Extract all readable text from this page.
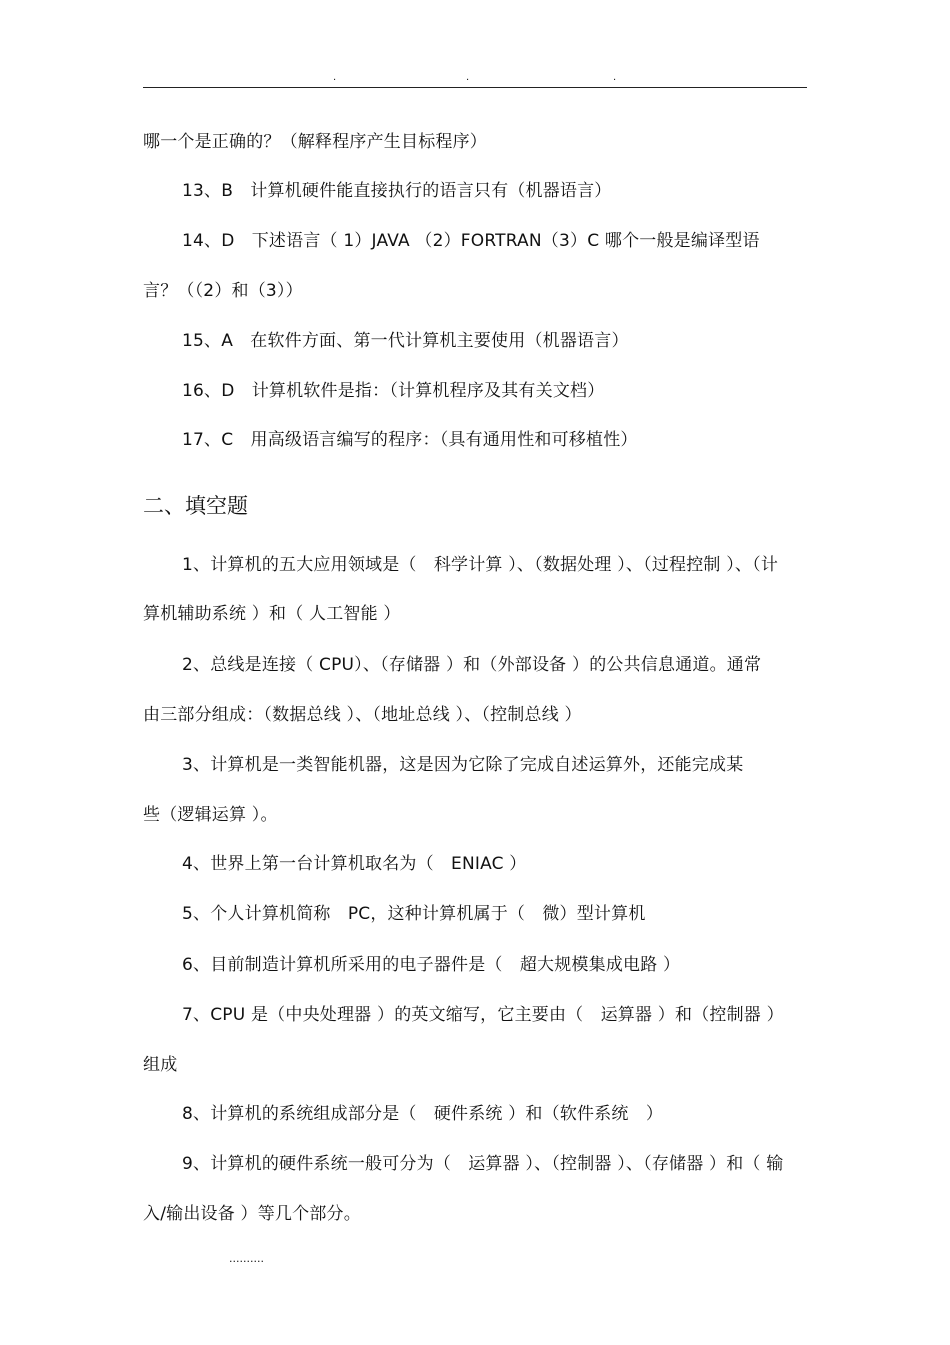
.	.	.
哪一个是正确的？（解释程序产生目标程序）
13、B　计算机硬件能直接执行的语言只有（机器语言）
14、D　下述语言（ 1）JAVA （2）FORTRAN（3）C 哪个一般是编译型语
言？（（2）和（3））
15、A　在软件方面、第一代计算机主要使用（机器语言）
16、D　计算机软件是指：（计算机程序及其有关文档）
17、C　用高级语言编写的程序：（具有通用性和可移植性）
二、填空题
1、计算机的五大应用领域是（　科学计算 ）、（数据处理 ）、（过程控制 ）、（计
算机辅助系统 ）和（ 人工智能 ）
2、总线是连接（ CPU）、（存储器 ）和（外部设备 ）的公共信息通道。通常
由三部分组成：（数据总线 ）、（地址总线 ）、（控制总线 ）
3、计算机是一类智能机器，这是因为它除了完成自述运算外，还能完成某
些（逻辑运算 ）。
4、世界上第一台计算机取名为（　ENIAC ）
5、个人计算机简称　PC，这种计算机属于（　微）型计算机
6、目前制造计算机所采用的电子器件是（　超大规模集成电路 ）
7、CPU 是（中央处理器 ）的英文缩写，它主要由（　运算器 ）和（控制器 ）
组成
8、计算机的系统组成部分是（　硬件系统 ）和（软件系统　）
9、计算机的硬件系统一般可分为（　运算器 ）、（控制器 ）、（存储器 ）和（ 输
入/输出设备 ）等几个部分。
..........
